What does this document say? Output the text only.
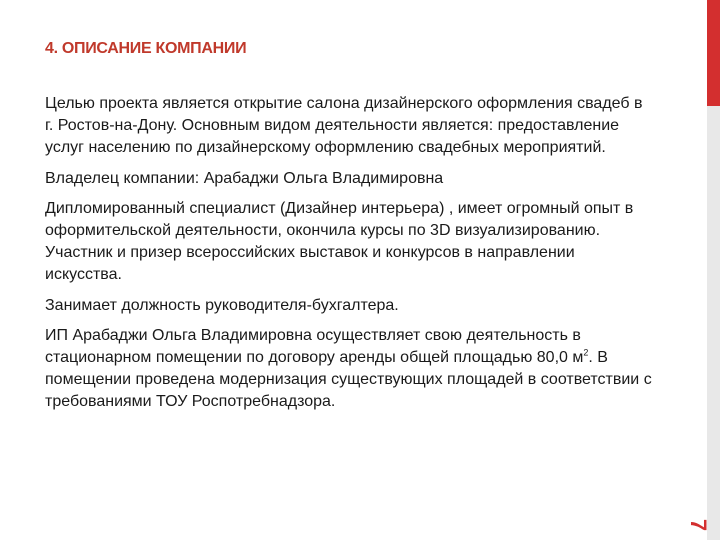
4. ОПИСАНИЕ КОМПАНИИ

Целью проекта является открытие салона дизайнерского оформления свадеб в г. Ростов-на-Дону. Основным видом деятельности является: предоставление услуг населению по дизайнерскому оформлению свадебных мероприятий.

Владелец компании: Арабаджи Ольга Владимировна

Дипломированный специалист (Дизайнер интерьера) , имеет огромный опыт в оформительской деятельности, окончила курсы по 3D визуализированию. Участник и призер всероссийских выставок и конкурсов в направлении искусства.

Занимает должность руководителя-бухгалтера.

ИП Арабаджи Ольга Владимировна осуществляет свою деятельность в стационарном помещении по договору аренды общей площадью 80,0 $м^2$. В помещении проведена модернизация существующих площадей в соответствии с требованиями ТОУ Роспотребнадзора.

7
